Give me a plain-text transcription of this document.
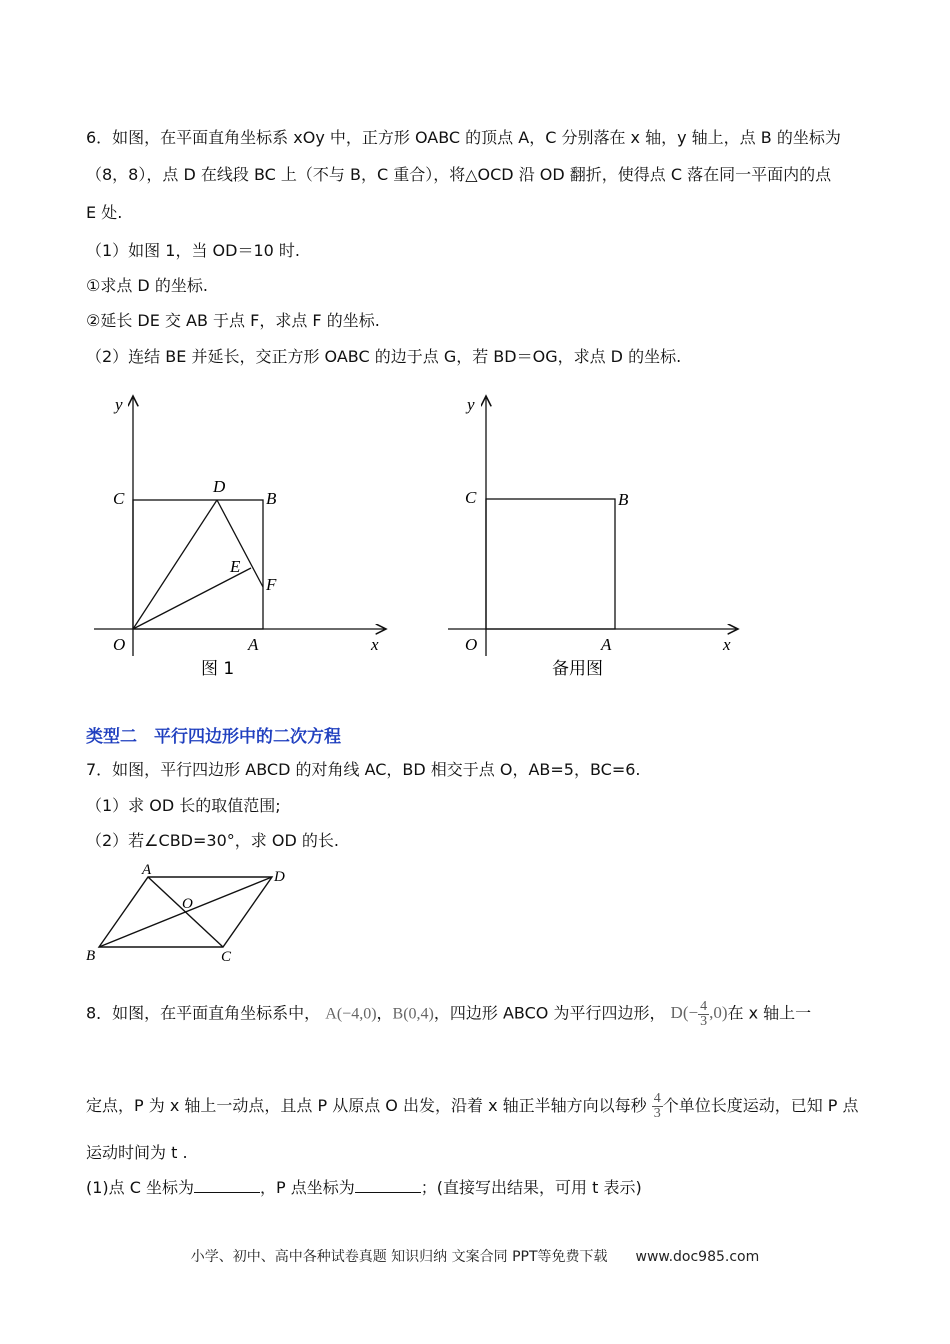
6．如图，在平面直角坐标系 xOy 中，正方形 OABC 的顶点 A，C 分别落在 x 轴，y 轴上，点 B 的坐标为
（8，8），点 D 在线段 BC 上（不与 B，C 重合），将△OCD 沿 OD 翻折，使得点 C 落在同一平面内的点
E 处.
（1）如图 1，当 OD＝10 时.
①求点 D 的坐标.
②延长 DE 交 AB 于点 F，求点 F 的坐标.
（2）连结 BE 并延长，交正方形 OABC 的边于点 G，若 BD＝OG，求点 D 的坐标.
y
C
D
B
E
F
O	A	x
图 1
y
C	B
O	A	x
备用图
类型二　平行四边形中的二次方程
7．如图，平行四边形 ABCD 的对角线 AC，BD 相交于点 O，AB=5，BC=6.
（1）求 OD 长的取值范围;
（2）若∠CBD=30°，求 OD 的长.
A	D
O
B	C
8．如图，在平面直角坐标系中， A(−4,0)，B(0,4)，四边形 ABCO 为平行四边形， $D(- \frac{4}{3} ,0)$在 x 轴上一
定点，P 为 x 轴上一动点，且点 P 从原点 O 出发，沿着 x 轴正半轴方向以每秒 $\frac{4}{3}$ 个单位长度运动，已知 P 点
运动时间为 t .
(1)点 C 坐标为	，P 点坐标为	；(直接写出结果，可用 t 表示)
小学、初中、高中各种试卷真题 知识归纳 文案合同 PPT等免费下载　　www.doc985.com
